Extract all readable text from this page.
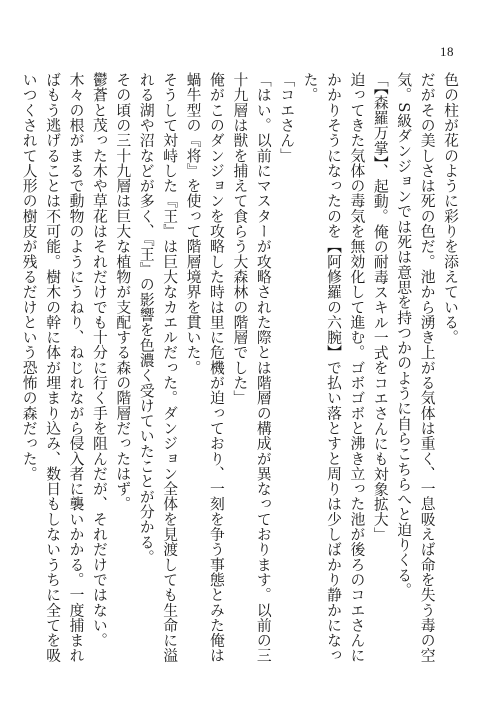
18

色の柱が花のように彩りを添えている。

だがその美しさは死の色だ。池から湧き上がる気体は重く、一息吸えば命を失う毒の空気。S級ダンジョンでは死は意思を持つかのように自らこちらへと迫りくる。

「【森羅万掌】、起動。俺の耐毒スキル一式をコエさんにも対象拡大」

迫ってきた気体の毒気を無効化して進む。ゴボゴボと沸き立った池が後ろのコエさんにかかりそうになったのを【阿修羅の六腕】で払い落とすと周りは少しばかり静かになった。

「コエさん」

「はい。以前にマスターが攻略された際とは階層の構成が異なっております。以前の三十九層は獣を捕えて食らう大森林の階層でした」

俺がこのダンジョンを攻略した時は里に危機が迫っており、一刻を争う事態とみた俺は蝸牛型の『将』を使って階層境界を貫いた。

そうして対峙した『王』は巨大なカエルだった。ダンジョン全体を見渡しても生命に溢れる湖や沼などが多く、『王』の影響を色濃く受けていたことが分かる。

その頃の三十九層は巨大な植物が支配する森の階層だったはず。

鬱蒼と茂った木や草花はそれだけでも十分に行く手を阻んだが、それだけではない。木々の根がまるで動物のようにうねり、ねじれながら侵入者に襲いかかる。一度捕まればもう逃げることは不可能。樹木の幹に体が埋まり込み、数日もしないうちに全てを吸いつくされて人形の樹皮が残るだけという恐怖の森だった。
